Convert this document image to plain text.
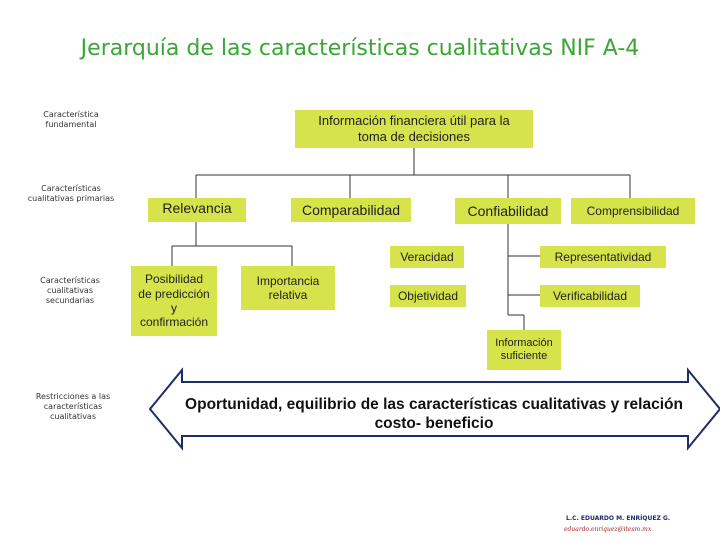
Jerarquía de las características cualitativas NIF A-4
Característica fundamental
Características cualitativas primarias
Características cualitativas secundarias
Restricciones a las características cualitativas
Información financiera útil para la toma de decisiones
Relevancia	Comparabilidad	Confiabilidad	Comprensibilidad
Veracidad	Representatividad
Objetividad	Verificabilidad
Posibilidad de predicción y confirmación
Importancia relativa
Información suficiente
Oportunidad, equilibrio de las características cualitativas y relación costo- beneficio
L.C. EDUARDO M. ENRÍQUEZ G.
eduardo.enriquez@itesm.mx
